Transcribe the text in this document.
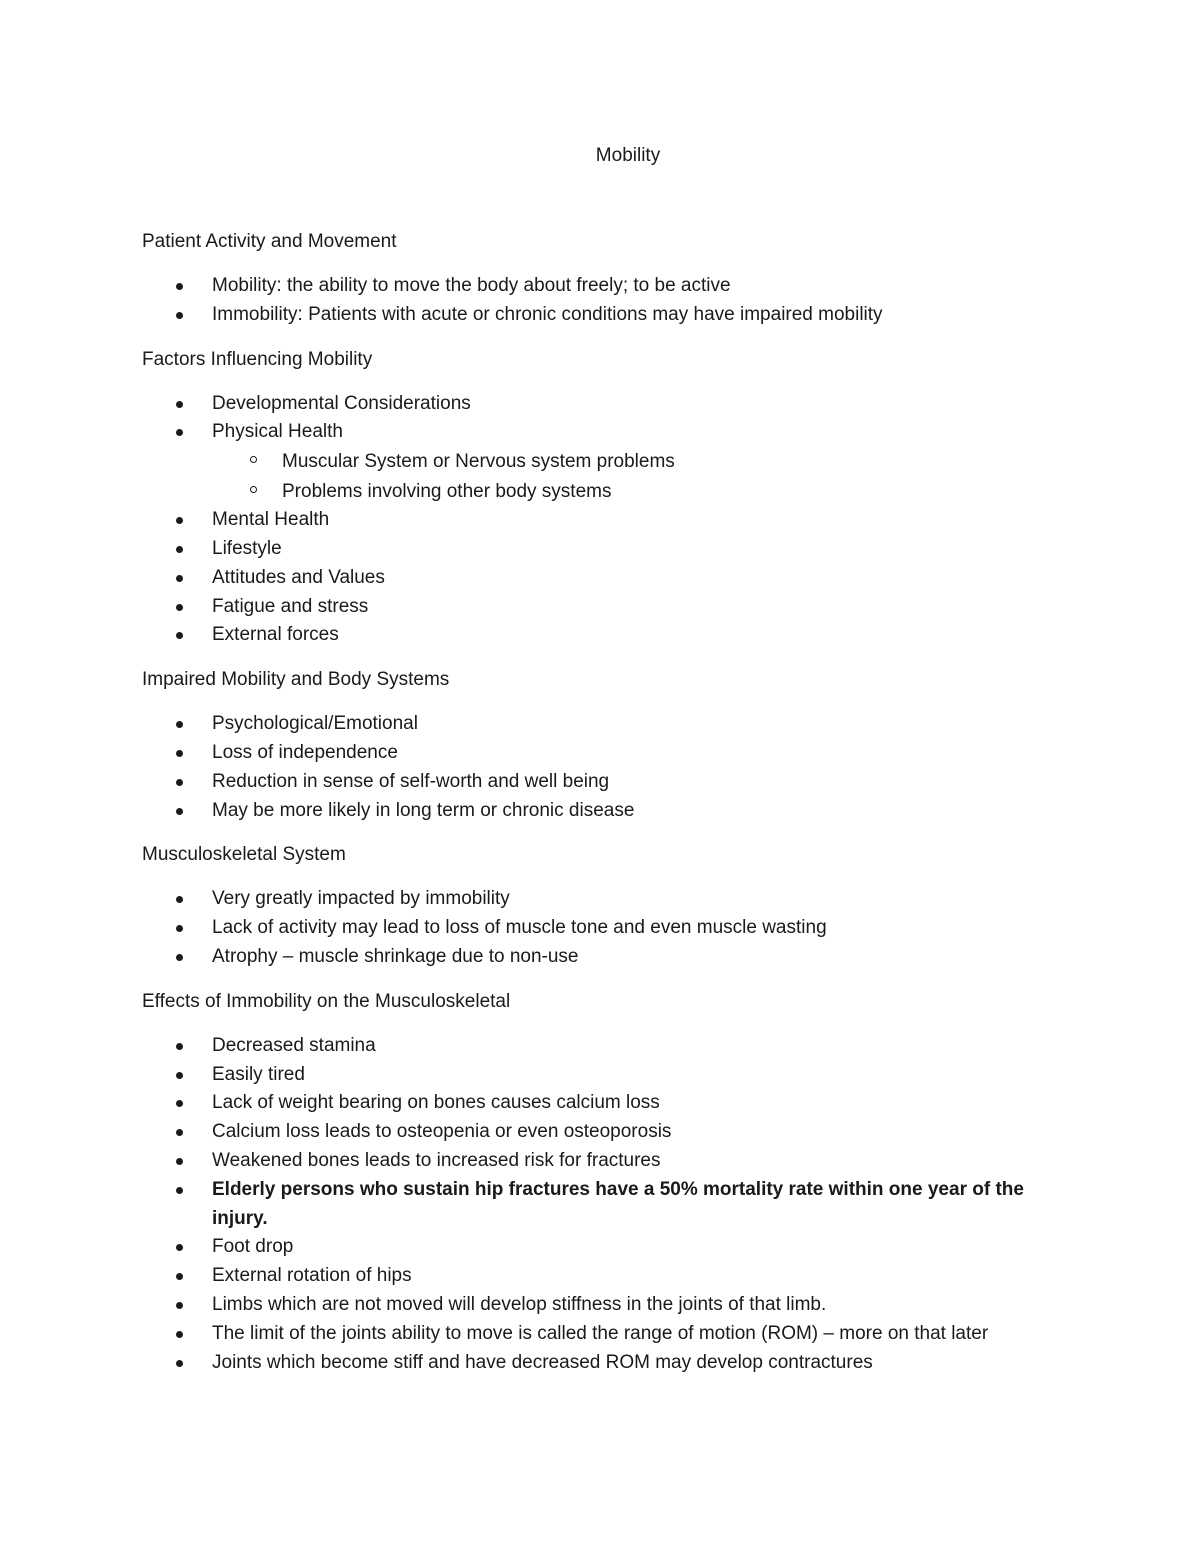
Mobility
Patient Activity and Movement
Mobility: the ability to move the body about freely; to be active
Immobility: Patients with acute or chronic conditions may have impaired mobility
Factors Influencing Mobility
Developmental Considerations
Physical Health
Muscular System or Nervous system problems
Problems involving other body systems
Mental Health
Lifestyle
Attitudes and Values
Fatigue and stress
External forces
Impaired Mobility and Body Systems
Psychological/Emotional
Loss of independence
Reduction in sense of self-worth and well being
May be more likely in long term or chronic disease
Musculoskeletal System
Very greatly impacted by immobility
Lack of activity may lead to loss of muscle tone and even muscle wasting
Atrophy – muscle shrinkage due to non-use
Effects of Immobility on the Musculoskeletal
Decreased stamina
Easily tired
Lack of weight bearing on bones causes calcium loss
Calcium loss leads to osteopenia or even osteoporosis
Weakened bones leads to increased risk for fractures
Elderly persons who sustain hip fractures have a 50% mortality rate within one year of the injury.
Foot drop
External rotation of hips
Limbs which are not moved will develop stiffness in the joints of that limb.
The limit of the joints ability to move is called the range of motion (ROM) – more on that later
Joints which become stiff and have decreased ROM may develop contractures
